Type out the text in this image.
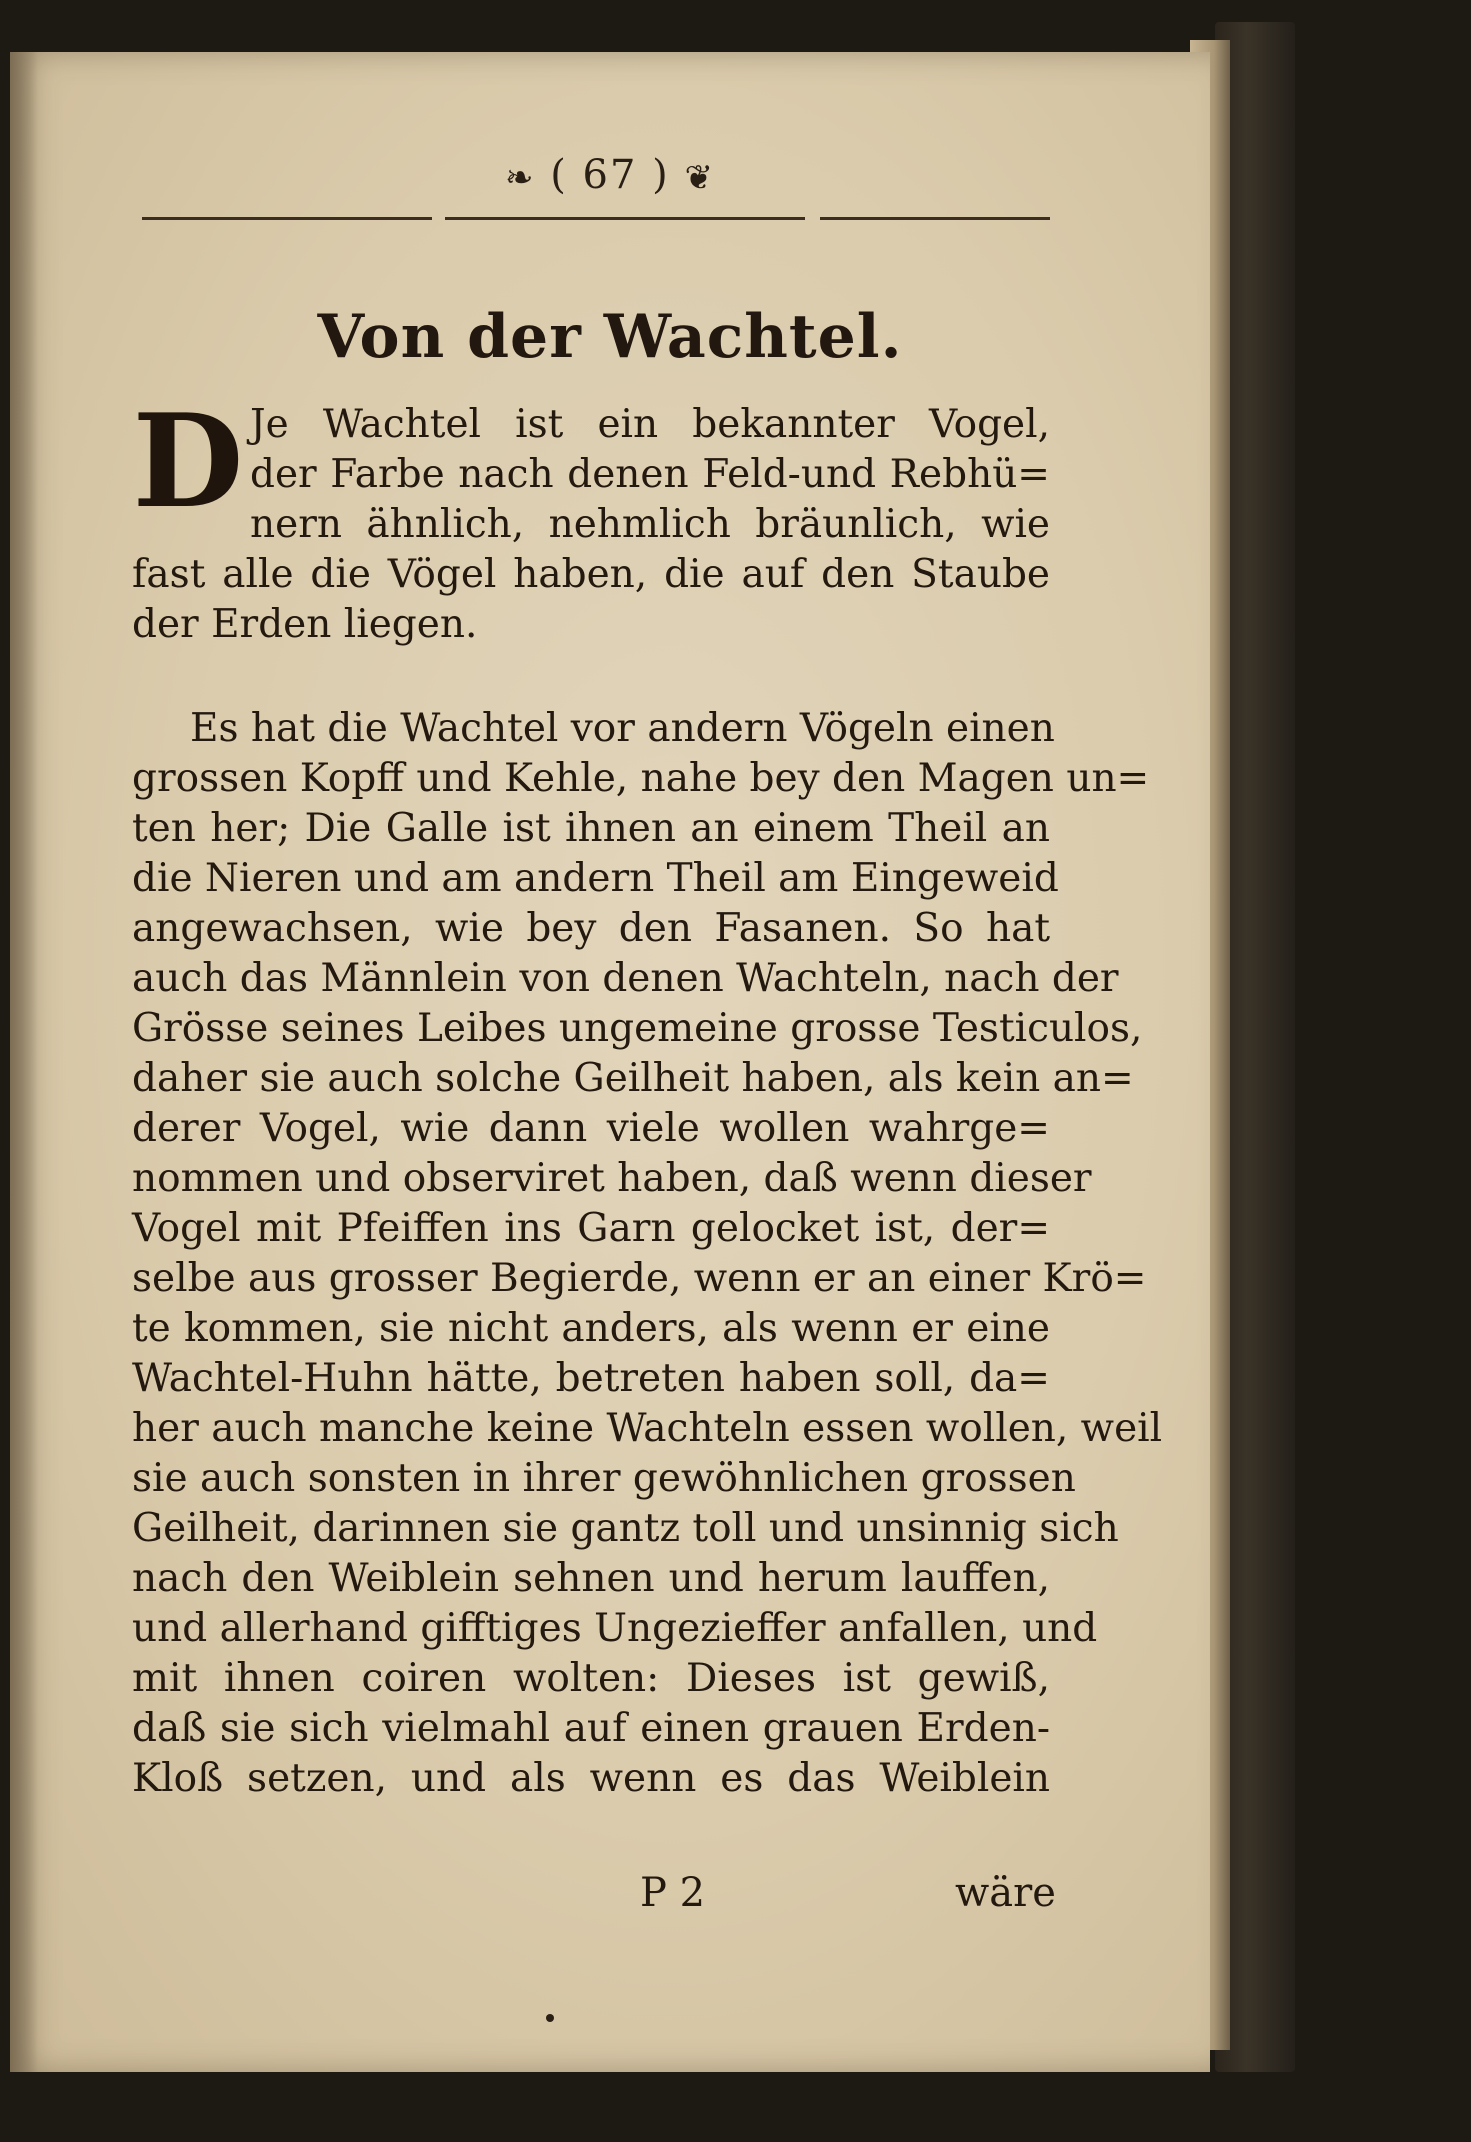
❧ ( 67 ) ❦
Von der Wachtel.
D Je Wachtel ist ein bekannter Vogel,
der Farbe nach denen Feld-und Rebhü=
nern ähnlich, nehmlich bräunlich, wie
fast alle die Vögel haben, die auf den Staube
der Erden liegen.
Es hat die Wachtel vor andern Vögeln einen
grossen Kopff und Kehle, nahe bey den Magen un=
ten her; Die Galle ist ihnen an einem Theil an
die Nieren und am andern Theil am Eingeweid
angewachsen, wie bey den Fasanen. So hat
auch das Männlein von denen Wachteln, nach der
Grösse seines Leibes ungemeine grosse Testiculos,
daher sie auch solche Geilheit haben, als kein an=
derer Vogel, wie dann viele wollen wahrge=
nommen und observiret haben, daß wenn dieser
Vogel mit Pfeiffen ins Garn gelocket ist, der=
selbe aus grosser Begierde, wenn er an einer Krö=
te kommen, sie nicht anders, als wenn er eine
Wachtel-Huhn hätte, betreten haben soll, da=
her auch manche keine Wachteln essen wollen, weil
sie auch sonsten in ihrer gewöhnlichen grossen
Geilheit, darinnen sie gantz toll und unsinnig sich
nach den Weiblein sehnen und herum lauffen,
und allerhand gifftiges Ungezieffer anfallen, und
mit ihnen coiren wolten: Dieses ist gewiß,
daß sie sich vielmahl auf einen grauen Erden-
Kloß setzen, und als wenn es das Weiblein
P 2	wäre
